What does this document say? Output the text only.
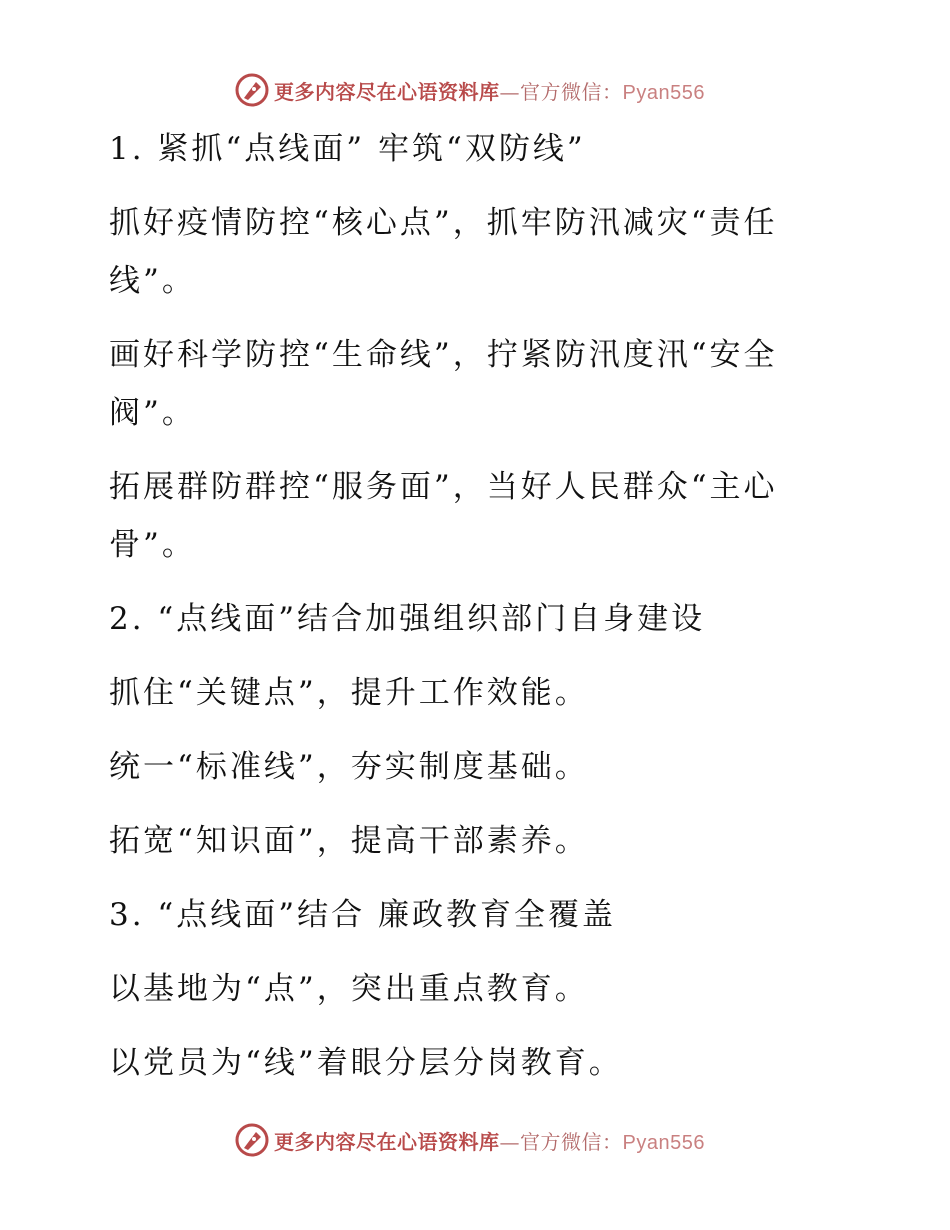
更多内容尽在心语资料库—官方微信：Pyan556

1. 紧抓“点线面” 牢筑“双防线”

抓好疫情防控“核心点”，抓牢防汛减灾“责任线”。

画好科学防控“生命线”，拧紧防汛度汛“安全阀”。

拓展群防群控“服务面”，当好人民群众“主心骨”。

2. “点线面”结合加强组织部门自身建设

抓住“关键点”，提升工作效能。

统一“标准线”，夯实制度基础。

拓宽“知识面”，提高干部素养。

3. “点线面”结合 廉政教育全覆盖

以基地为“点”，突出重点教育。

以党员为“线”着眼分层分岗教育。

更多内容尽在心语资料库—官方微信：Pyan556
